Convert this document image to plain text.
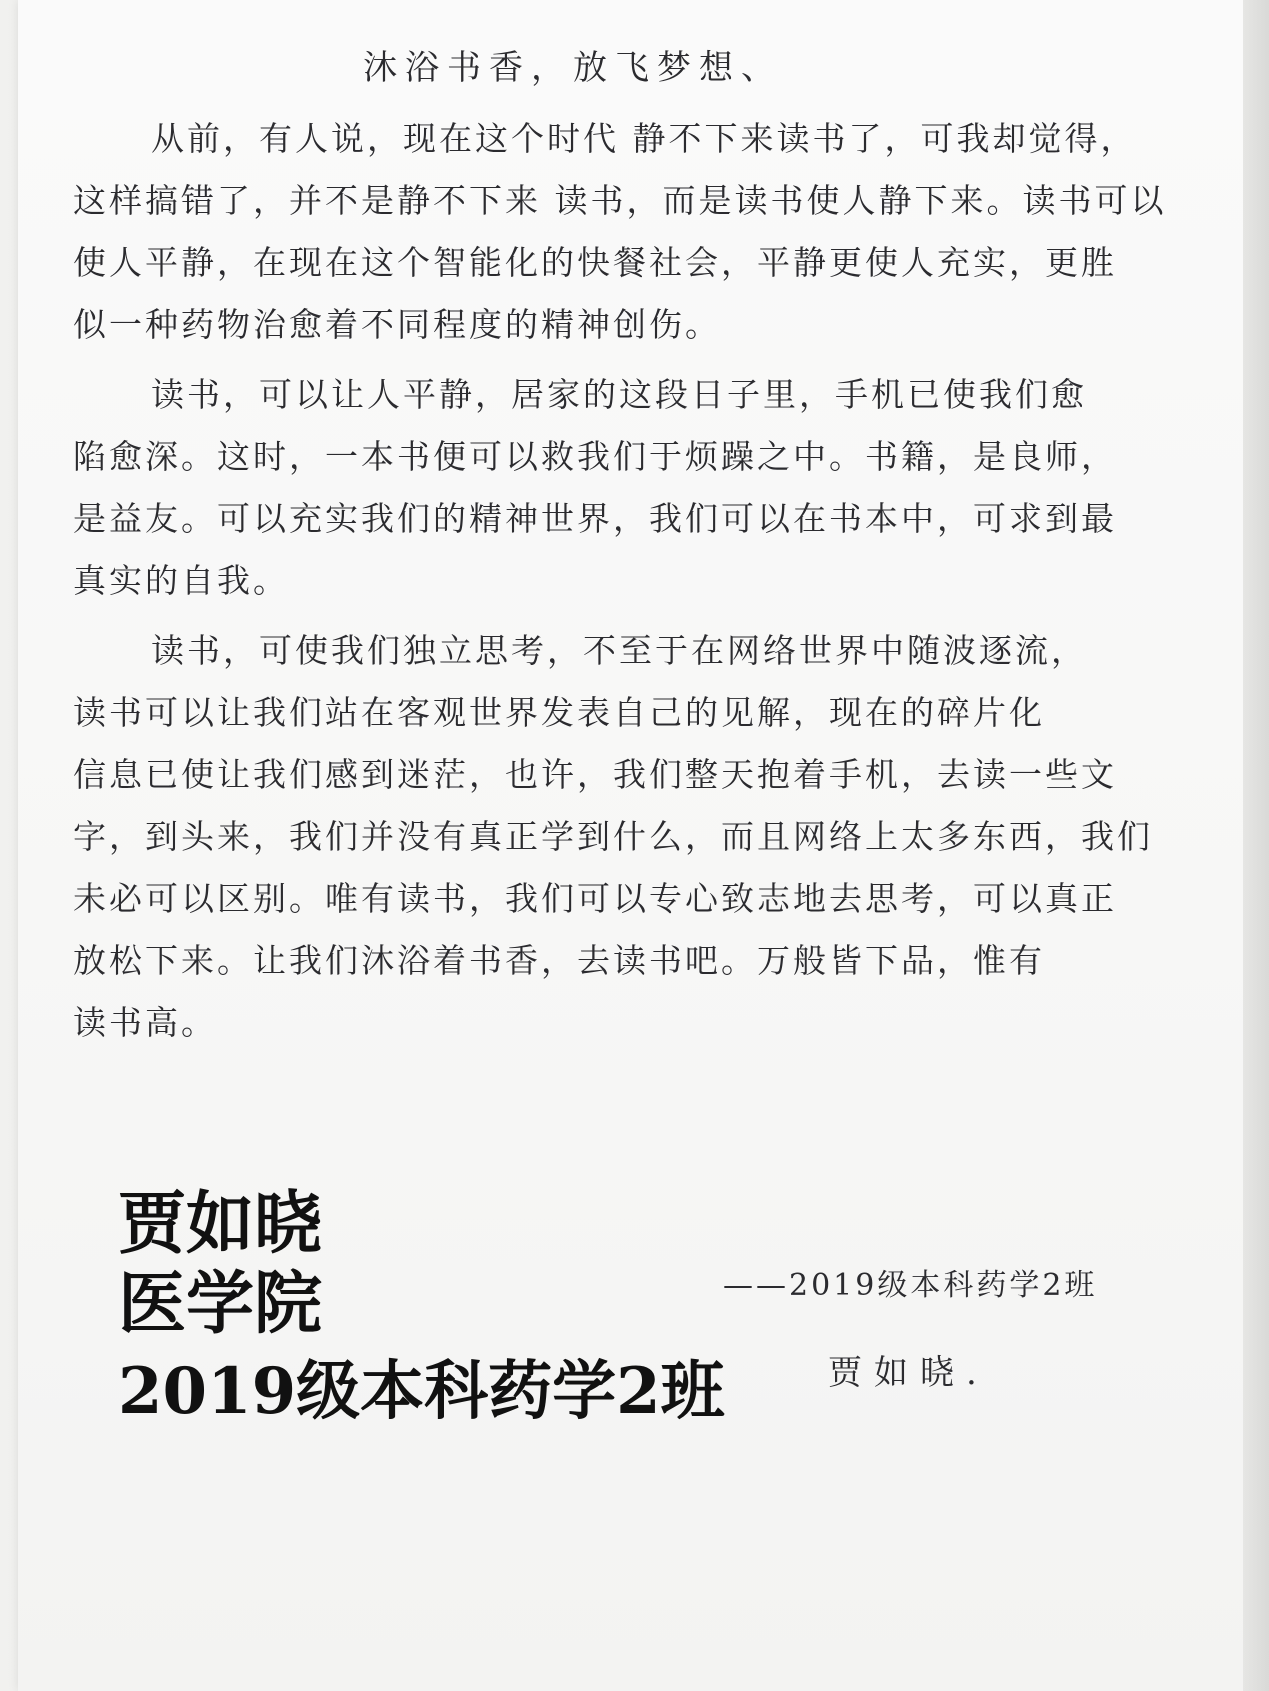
沐浴书香，放飞梦想、
从前，有人说，现在这个时代 静不下来读书了，可我却觉得，
这样搞错了，并不是静不下来 读书，而是读书使人静下来。读书可以
使人平静，在现在这个智能化的快餐社会，平静更使人充实，更胜
似一种药物治愈着不同程度的精神创伤。
读书，可以让人平静，居家的这段日子里，手机已使我们愈
陷愈深。这时，一本书便可以救我们于烦躁之中。书籍，是良师，
是益友。可以充实我们的精神世界，我们可以在书本中，可求到最
真实的自我。
读书，可使我们独立思考，不至于在网络世界中随波逐流，
读书可以让我们站在客观世界发表自己的见解，现在的碎片化
信息已使让我们感到迷茫，也许，我们整天抱着手机，去读一些文
字，到头来，我们并没有真正学到什么，而且网络上太多东西，我们
未必可以区别。唯有读书，我们可以专心致志地去思考，可以真正
放松下来。让我们沐浴着书香，去读书吧。万般皆下品，惟有
读书高。
——2019级本科药学2班
贾如晓.
贾如晓
医学院
2019级本科药学2班
